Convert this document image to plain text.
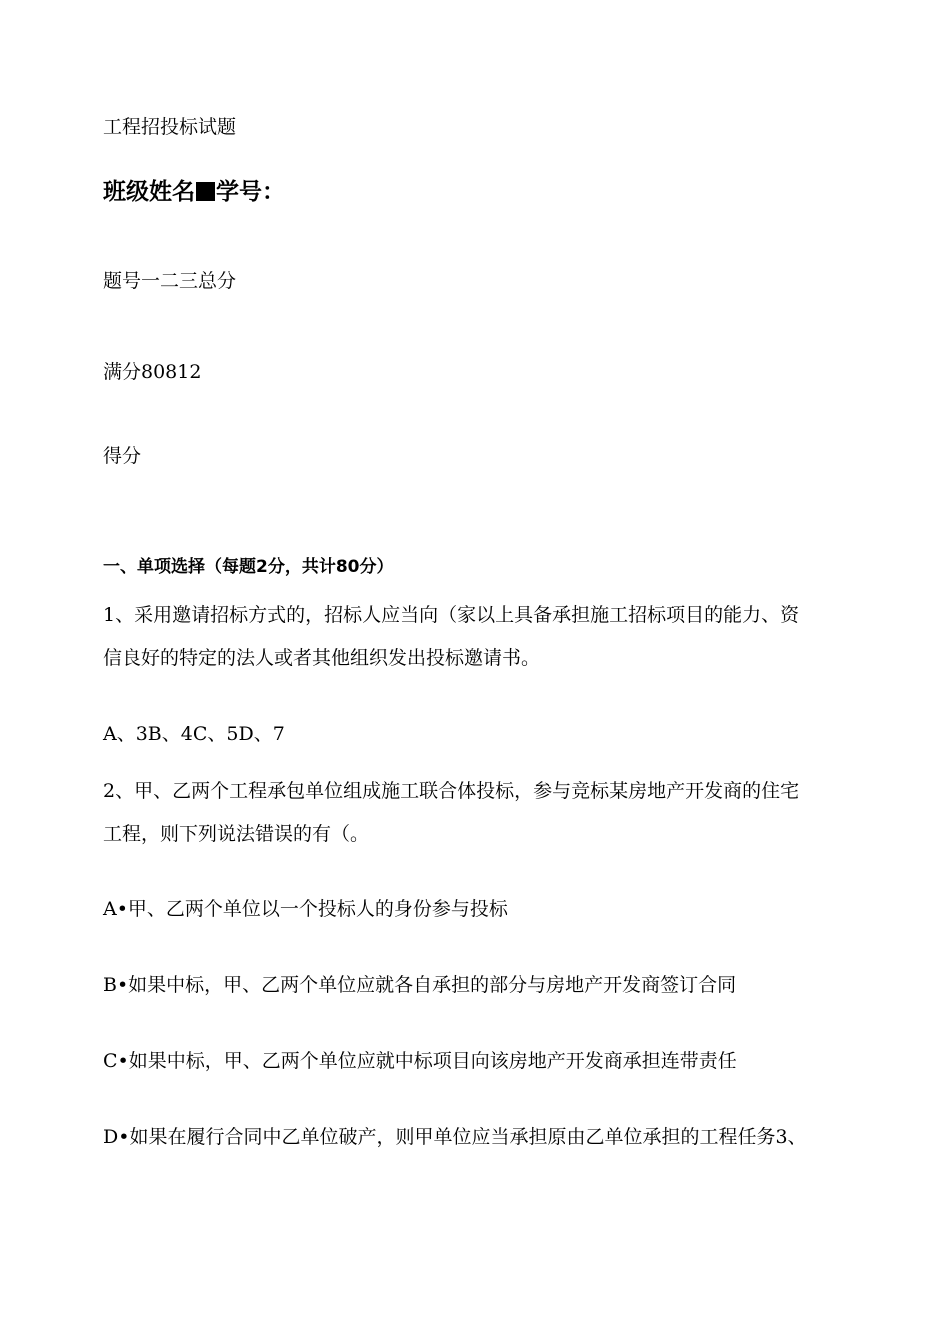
工程招投标试题
班级姓名 学号：
题号一二三总分
满分80812
得分
一、单项选择（每题2分，共计80分）
1、采用邀请招标方式的，招标人应当向（家以上具备承担施工招标项目的能力、资
信良好的特定的法人或者其他组织发出投标邀请书。
A、3B、4C、5D、7
2、甲、乙两个工程承包单位组成施工联合体投标，参与竞标某房地产开发商的住宅
工程，则下列说法错误的有（。
A•甲、乙两个单位以一个投标人的身份参与投标
B•如果中标，甲、乙两个单位应就各自承担的部分与房地产开发商签订合同
C•如果中标，甲、乙两个单位应就中标项目向该房地产开发商承担连带责任
D•如果在履行合同中乙单位破产，则甲单位应当承担原由乙单位承担的工程任务3、
